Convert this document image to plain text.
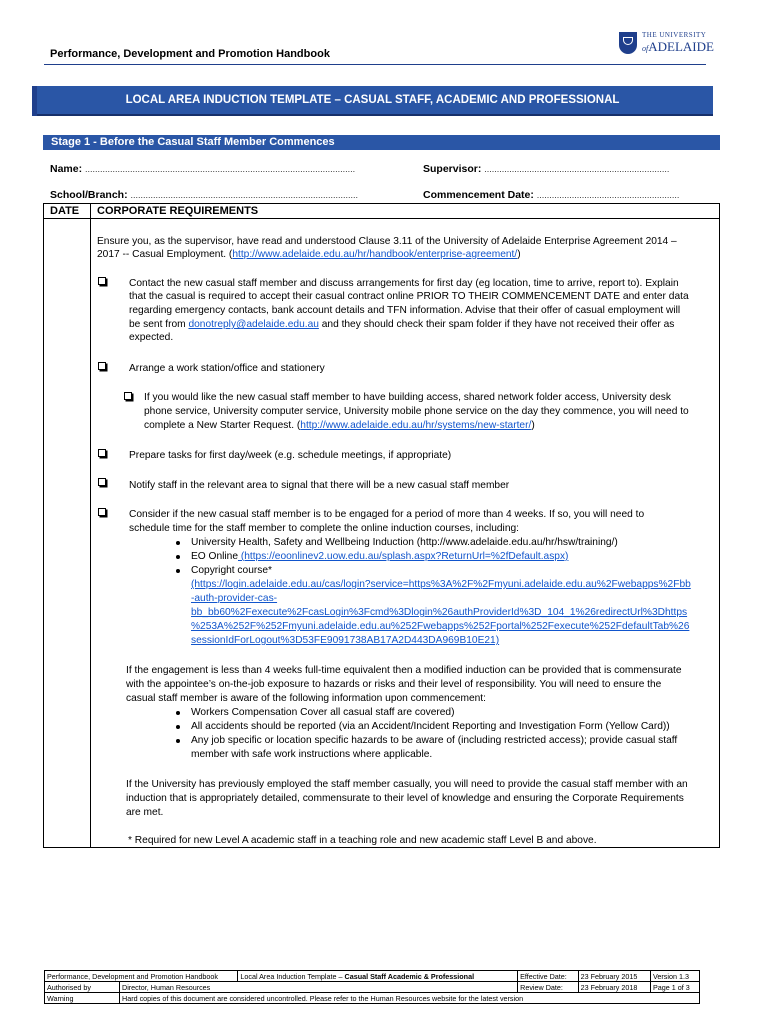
Performance, Development and Promotion Handbook
THE UNIVERSITY
ofADELAIDE
LOCAL AREA INDUCTION TEMPLATE – CASUAL STAFF, ACADEMIC AND PROFESSIONAL
Stage 1 - Before the Casual Staff Member Commences
Name: ............................................................................................................	Supervisor: ..........................................................................
School/Branch: ...........................................................................................	Commencement Date: .........................................................
DATE CORPORATE REQUIREMENTS
Ensure you, as the supervisor, have read and understood Clause 3.11 of the University of Adelaide Enterprise Agreement 2014 –
2017 -- Casual Employment. (http://www.adelaide.edu.au/hr/handbook/enterprise-agreement/)
Contact the new casual staff member and discuss arrangements for first day (eg location, time to arrive, report to). Explain
that the casual is required to accept their casual contract online PRIOR TO THEIR COMMENCEMENT DATE and enter data
regarding emergency contacts, bank account details and TFN information. Advise that their offer of casual employment will
be sent from donotreply@adelaide.edu.au and they should check their spam folder if they have not received their offer as
expected.
Arrange a work station/office and stationery
If you would like the new casual staff member to have building access, shared network folder access, University desk
phone service, University computer service, University mobile phone service on the day they commence, you will need to
complete a New Starter Request. (http://www.adelaide.edu.au/hr/systems/new-starter/)
Prepare tasks for first day/week (e.g. schedule meetings, if appropriate)
Notify staff in the relevant area to signal that there will be a new casual staff member
Consider if the new casual staff member is to be engaged for a period of more than 4 weeks. If so, you will need to
schedule time for the staff member to complete the online induction courses, including:
University Health, Safety and Wellbeing Induction (http://www.adelaide.edu.au/hr/hsw/training/)
EO Online (https://eoonlinev2.uow.edu.au/splash.aspx?ReturnUrl=%2fDefault.aspx)
Copyright course*
(https://login.adelaide.edu.au/cas/login?service=https%3A%2F%2Fmyuni.adelaide.edu.au%2Fwebapps%2Fbb
-auth-provider-cas-
bb_bb60%2Fexecute%2FcasLogin%3Fcmd%3Dlogin%26authProviderId%3D_104_1%26redirectUrl%3Dhttps
%253A%252F%252Fmyuni.adelaide.edu.au%252Fwebapps%252Fportal%252Fexecute%252FdefaultTab%26
sessionIdForLogout%3D53FE9091738AB17A2D443DA969B10E21)
If the engagement is less than 4 weeks full-time equivalent then a modified induction can be provided that is commensurate
with the appointee’s on-the-job exposure to hazards or risks and their level of responsibility. You will need to ensure the
casual staff member is aware of the following information upon commencement:
Workers Compensation Cover all casual staff are covered)
All accidents should be reported (via an Accident/Incident Reporting and Investigation Form (Yellow Card))
Any job specific or location specific hazards to be aware of (including restricted access); provide casual staff
member with safe work instructions where applicable.
If the University has previously employed the staff member casually, you will need to provide the casual staff member with an
induction that is appropriately detailed, commensurate to their level of knowledge and ensuring the Corporate Requirements
are met.
* Required for new Level A academic staff in a teaching role and new academic staff Level B and above.
Performance, Development and Promotion Handbook		Local Area Induction Template – Casual Staff Academic & Professional	Effective Date:	23 February 2015	Version 1.3
Authorised by	Director, Human Resources		Review Date:	23 February 2018	Page 1 of 3
Warning	Hard copies of this document are considered uncontrolled. Please refer to the Human Resources website for the latest version				
